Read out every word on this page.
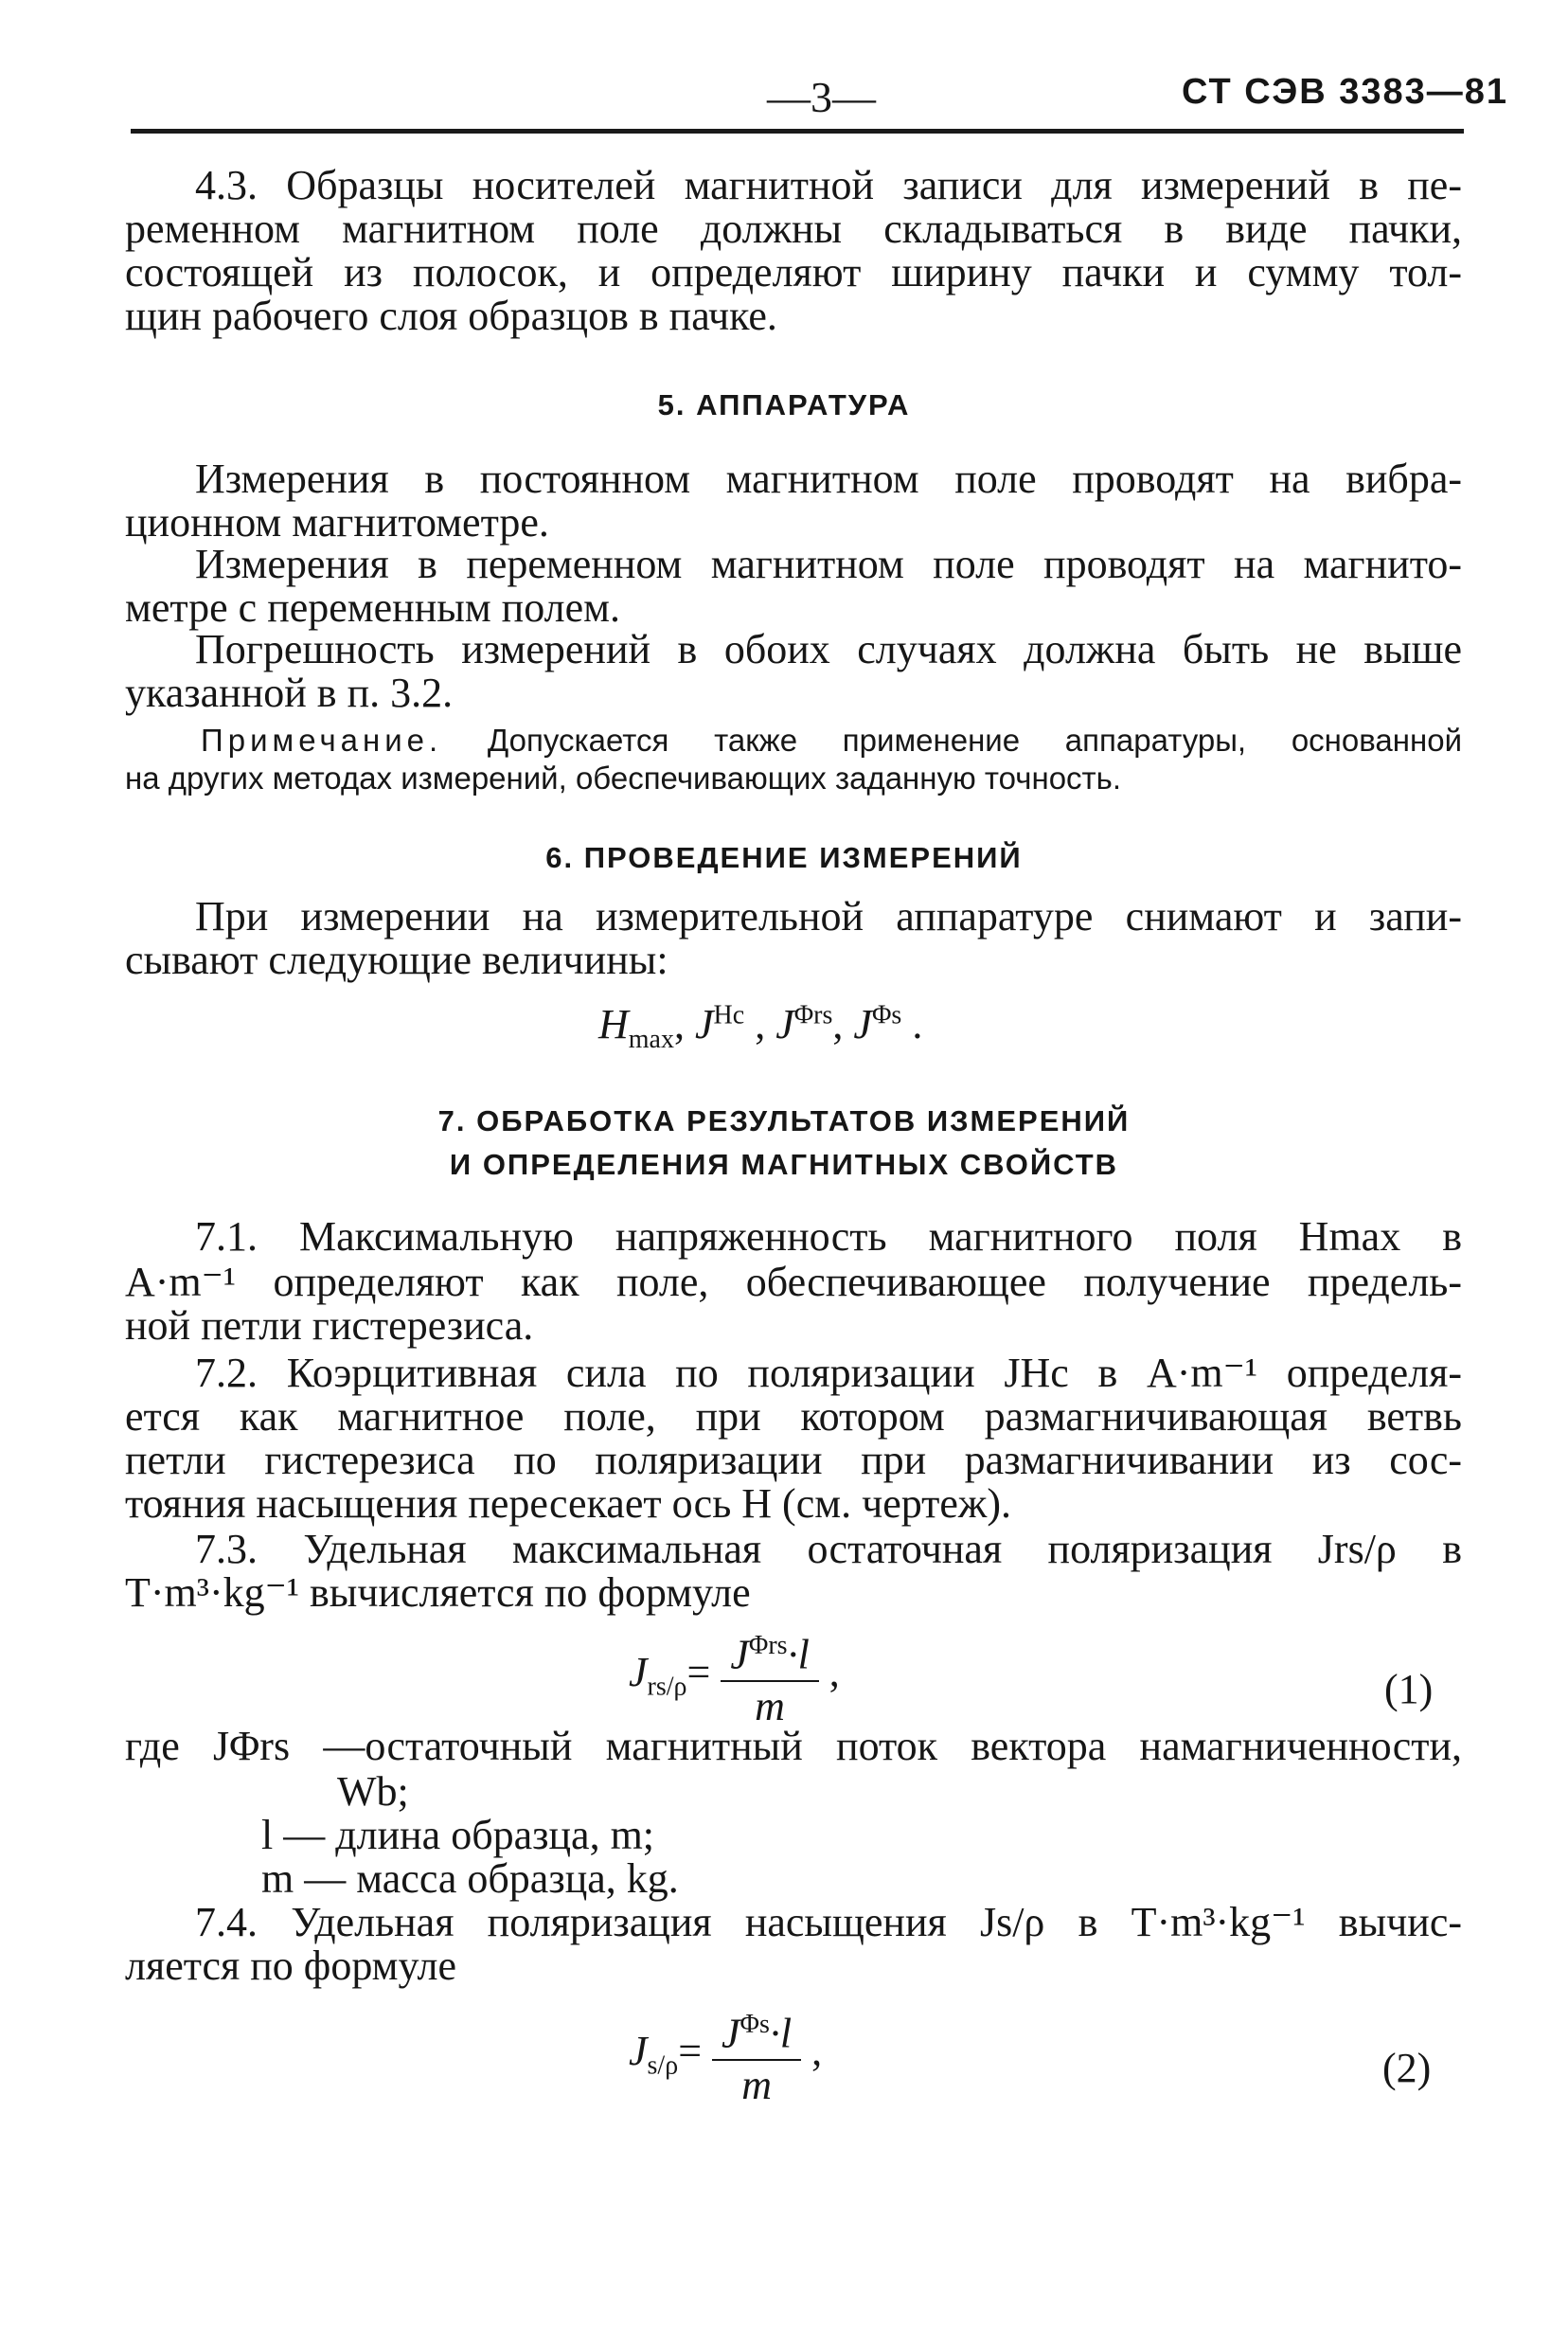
—3—	СТ СЭВ 3383—81
4.3. Образцы носителей магнитной записи для измерений в пе-
ременном магнитном поле должны складываться в виде пачки,
состоящей из полосок, и определяют ширину пачки и сумму тол-
щин рабочего слоя образцов в пачке.
5. АППАРАТУРА
Измерения в постоянном магнитном поле проводят на вибра-
ционном магнитометре.
Измерения в переменном магнитном поле проводят на магнито-
метре с переменным полем.
Погрешность измерений в обоих случаях должна быть не выше
указанной в п. 3.2.
Примечание. Допускается также применение аппаратуры, основанной
на других методах измерений, обеспечивающих заданную точность.
6. ПРОВЕДЕНИЕ ИЗМЕРЕНИЙ
При измерении на измерительной аппаратуре снимают и запи-
сывают следующие величины:
$H_{max}$, $J^{Hc}$ , $J^{\Phi rs}$, $J^{\Phi s}$ .
7. ОБРАБОТКА РЕЗУЛЬТАТОВ ИЗМЕРЕНИЙ
И ОПРЕДЕЛЕНИЯ МАГНИТНЫХ СВОЙСТВ
7.1. Максимальную напряженность магнитного поля Hmax в
A·m⁻¹ определяют как поле, обеспечивающее получение предель-
ной петли гистерезиса.
7.2. Коэрцитивная сила по поляризации JHc в A·m⁻¹ определя-
ется как магнитное поле, при котором размагничивающая ветвь
петли гистерезиса по поляризации при размагничивании из сос-
тояния насыщения пересекает ось H (см. чертеж).
7.3. Удельная максимальная остаточная поляризация Jrs/ρ в
T·m³·kg⁻¹ вычисляется по формуле
$J_{rs/\rho}= \frac{J^{\Phi rs}\cdot l}{m}$ ,	(1)
где JΦrs —остаточный магнитный поток вектора намагниченности,
Wb;
l — длина образца, m;
m — масса образца, kg.
7.4. Удельная поляризация насыщения Js/ρ в T·m³·kg⁻¹ вычис-
ляется по формуле
$J_{s/\rho}= \frac{J^{\Phi s}\cdot l}{m}$ ,	(2)
